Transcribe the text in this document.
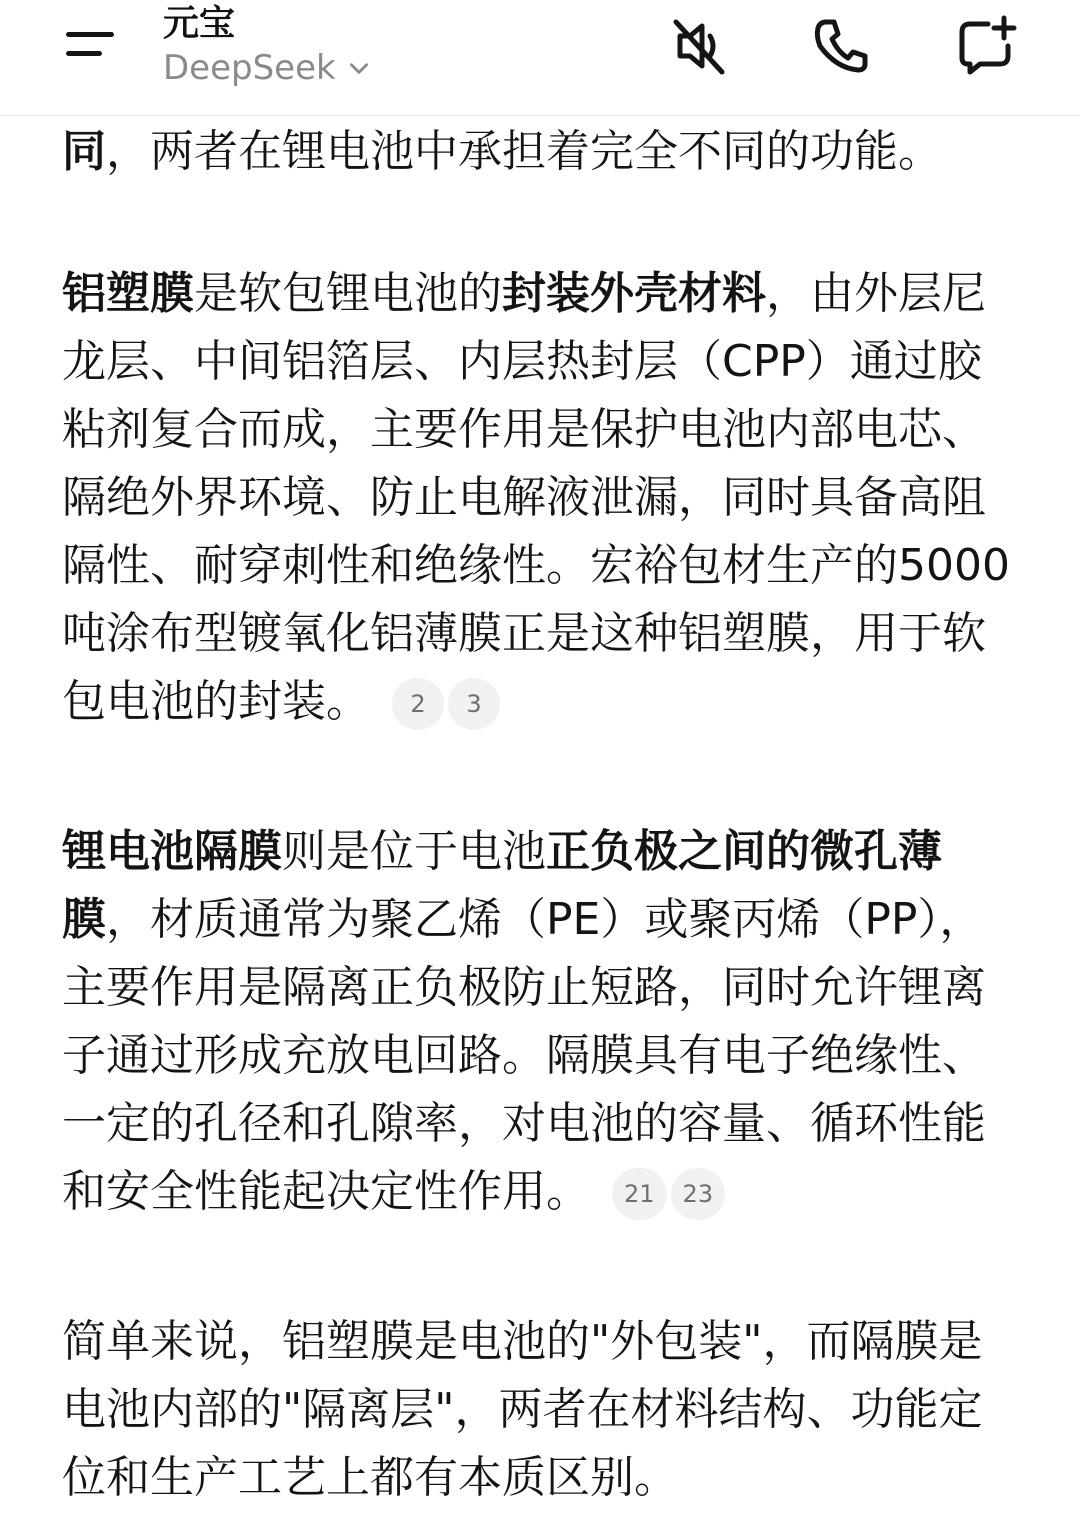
元宝
DeepSeek

同，两者在锂电池中承担着完全不同的功能。

铝塑膜是软包锂电池的封装外壳材料，由外层尼龙层、中间铝箔层、内层热封层（CPP）通过胶粘剂复合而成，主要作用是保护电池内部电芯、隔绝外界环境、防止电解液泄漏，同时具备高阻隔性、耐穿刺性和绝缘性。宏裕包材生产的5000吨涂布型镀氧化铝薄膜正是这种铝塑膜，用于软包电池的封装。 2 3

锂电池隔膜则是位于电池正负极之间的微孔薄膜，材质通常为聚乙烯（PE）或聚丙烯（PP），主要作用是隔离正负极防止短路，同时允许锂离子通过形成充放电回路。隔膜具有电子绝缘性、一定的孔径和孔隙率，对电池的容量、循环性能和安全性能起决定性作用。 21 23

简单来说，铝塑膜是电池的"外包装"，而隔膜是电池内部的"隔离层"，两者在材料结构、功能定位和生产工艺上都有本质区别。
